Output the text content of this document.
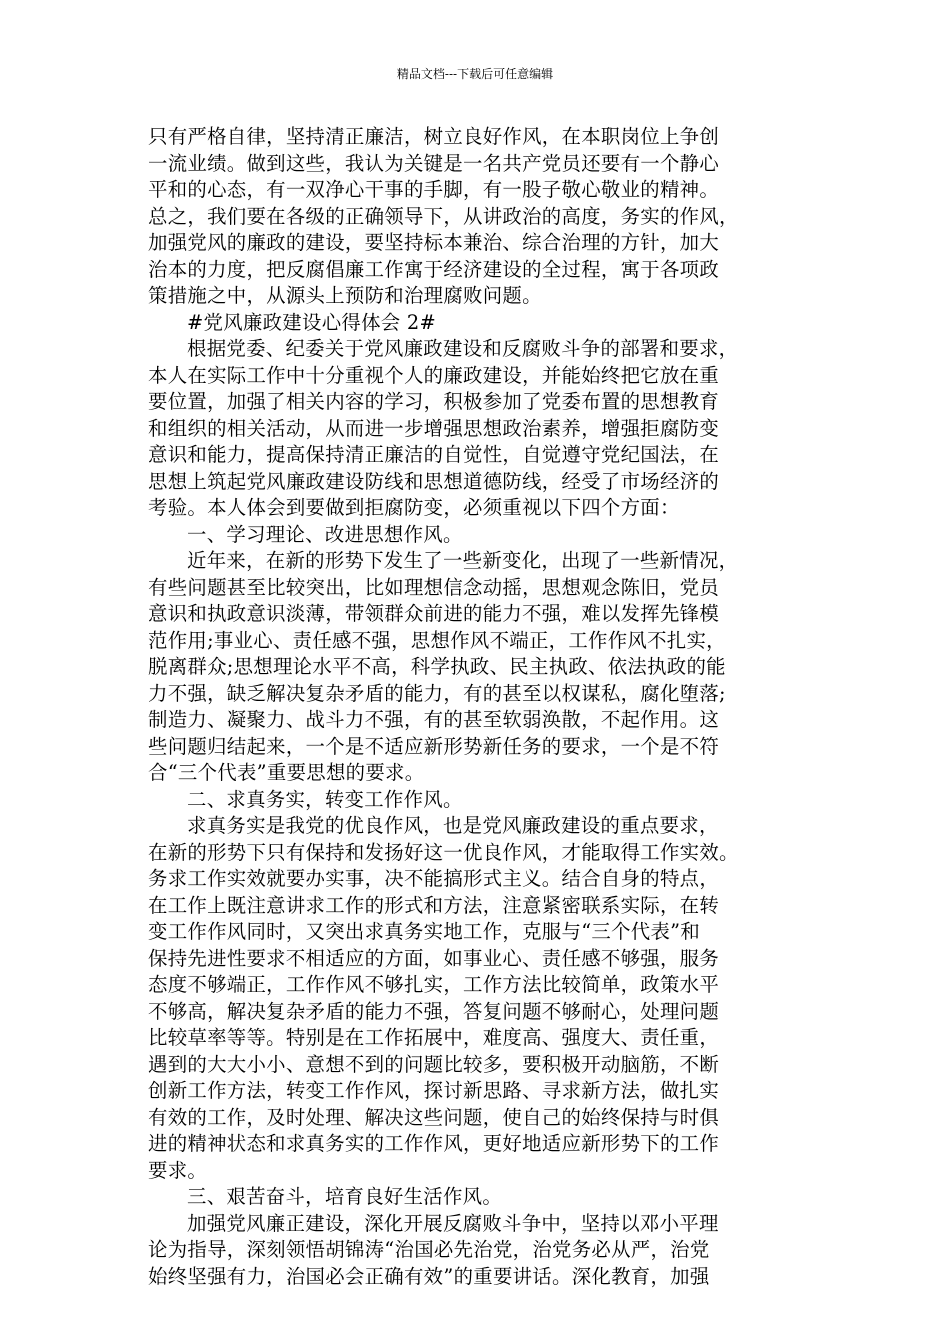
精品文档---下载后可任意编辑
只有严格自律，坚持清正廉洁，树立良好作风，在本职岗位上争创
一流业绩。做到这些，我认为关键是一名共产党员还要有一个静心
平和的心态，有一双净心干事的手脚，有一股子敬心敬业的精神。
总之，我们要在各级的正确领导下，从讲政治的高度，务实的作风，
加强党风的廉政的建设，要坚持标本兼治、综合治理的方针，加大
治本的力度，把反腐倡廉工作寓于经济建设的全过程，寓于各项政
策措施之中，从源头上预防和治理腐败问题。
#党风廉政建设心得体会 2#
根据党委、纪委关于党风廉政建设和反腐败斗争的部署和要求，
本人在实际工作中十分重视个人的廉政建设，并能始终把它放在重
要位置，加强了相关内容的学习，积极参加了党委布置的思想教育
和组织的相关活动，从而进一步增强思想政治素养，增强拒腐防变
意识和能力，提高保持清正廉洁的自觉性，自觉遵守党纪国法，在
思想上筑起党风廉政建设防线和思想道德防线，经受了市场经济的
考验。本人体会到要做到拒腐防变，必须重视以下四个方面：
一、学习理论、改进思想作风。
近年来，在新的形势下发生了一些新变化，出现了一些新情况，
有些问题甚至比较突出，比如理想信念动摇，思想观念陈旧，党员
意识和执政意识淡薄，带领群众前进的能力不强，难以发挥先锋模
范作用;事业心、责任感不强，思想作风不端正，工作作风不扎实，
脱离群众;思想理论水平不高，科学执政、民主执政、依法执政的能
力不强，缺乏解决复杂矛盾的能力，有的甚至以权谋私，腐化堕落;
制造力、凝聚力、战斗力不强，有的甚至软弱涣散，不起作用。这
些问题归结起来，一个是不适应新形势新任务的要求，一个是不符
合“三个代表”重要思想的要求。
二、求真务实，转变工作作风。
求真务实是我党的优良作风，也是党风廉政建设的重点要求，
在新的形势下只有保持和发扬好这一优良作风，才能取得工作实效。
务求工作实效就要办实事，决不能搞形式主义。结合自身的特点，
在工作上既注意讲求工作的形式和方法，注意紧密联系实际，在转
变工作作风同时，又突出求真务实地工作，克服与“三个代表”和
保持先进性要求不相适应的方面，如事业心、责任感不够强，服务
态度不够端正，工作作风不够扎实，工作方法比较简单，政策水平
不够高，解决复杂矛盾的能力不强，答复问题不够耐心，处理问题
比较草率等等。特别是在工作拓展中，难度高、强度大、责任重，
遇到的大大小小、意想不到的问题比较多，要积极开动脑筋，不断
创新工作方法，转变工作作风，探讨新思路、寻求新方法，做扎实
有效的工作，及时处理、解决这些问题，使自己的始终保持与时俱
进的精神状态和求真务实的工作作风，更好地适应新形势下的工作
要求。
三、艰苦奋斗，培育良好生活作风。
加强党风廉正建设，深化开展反腐败斗争中，坚持以邓小平理
论为指导，深刻领悟胡锦涛“治国必先治党，治党务必从严，治党
始终坚强有力，治国必会正确有效”的重要讲话。深化教育，加强
